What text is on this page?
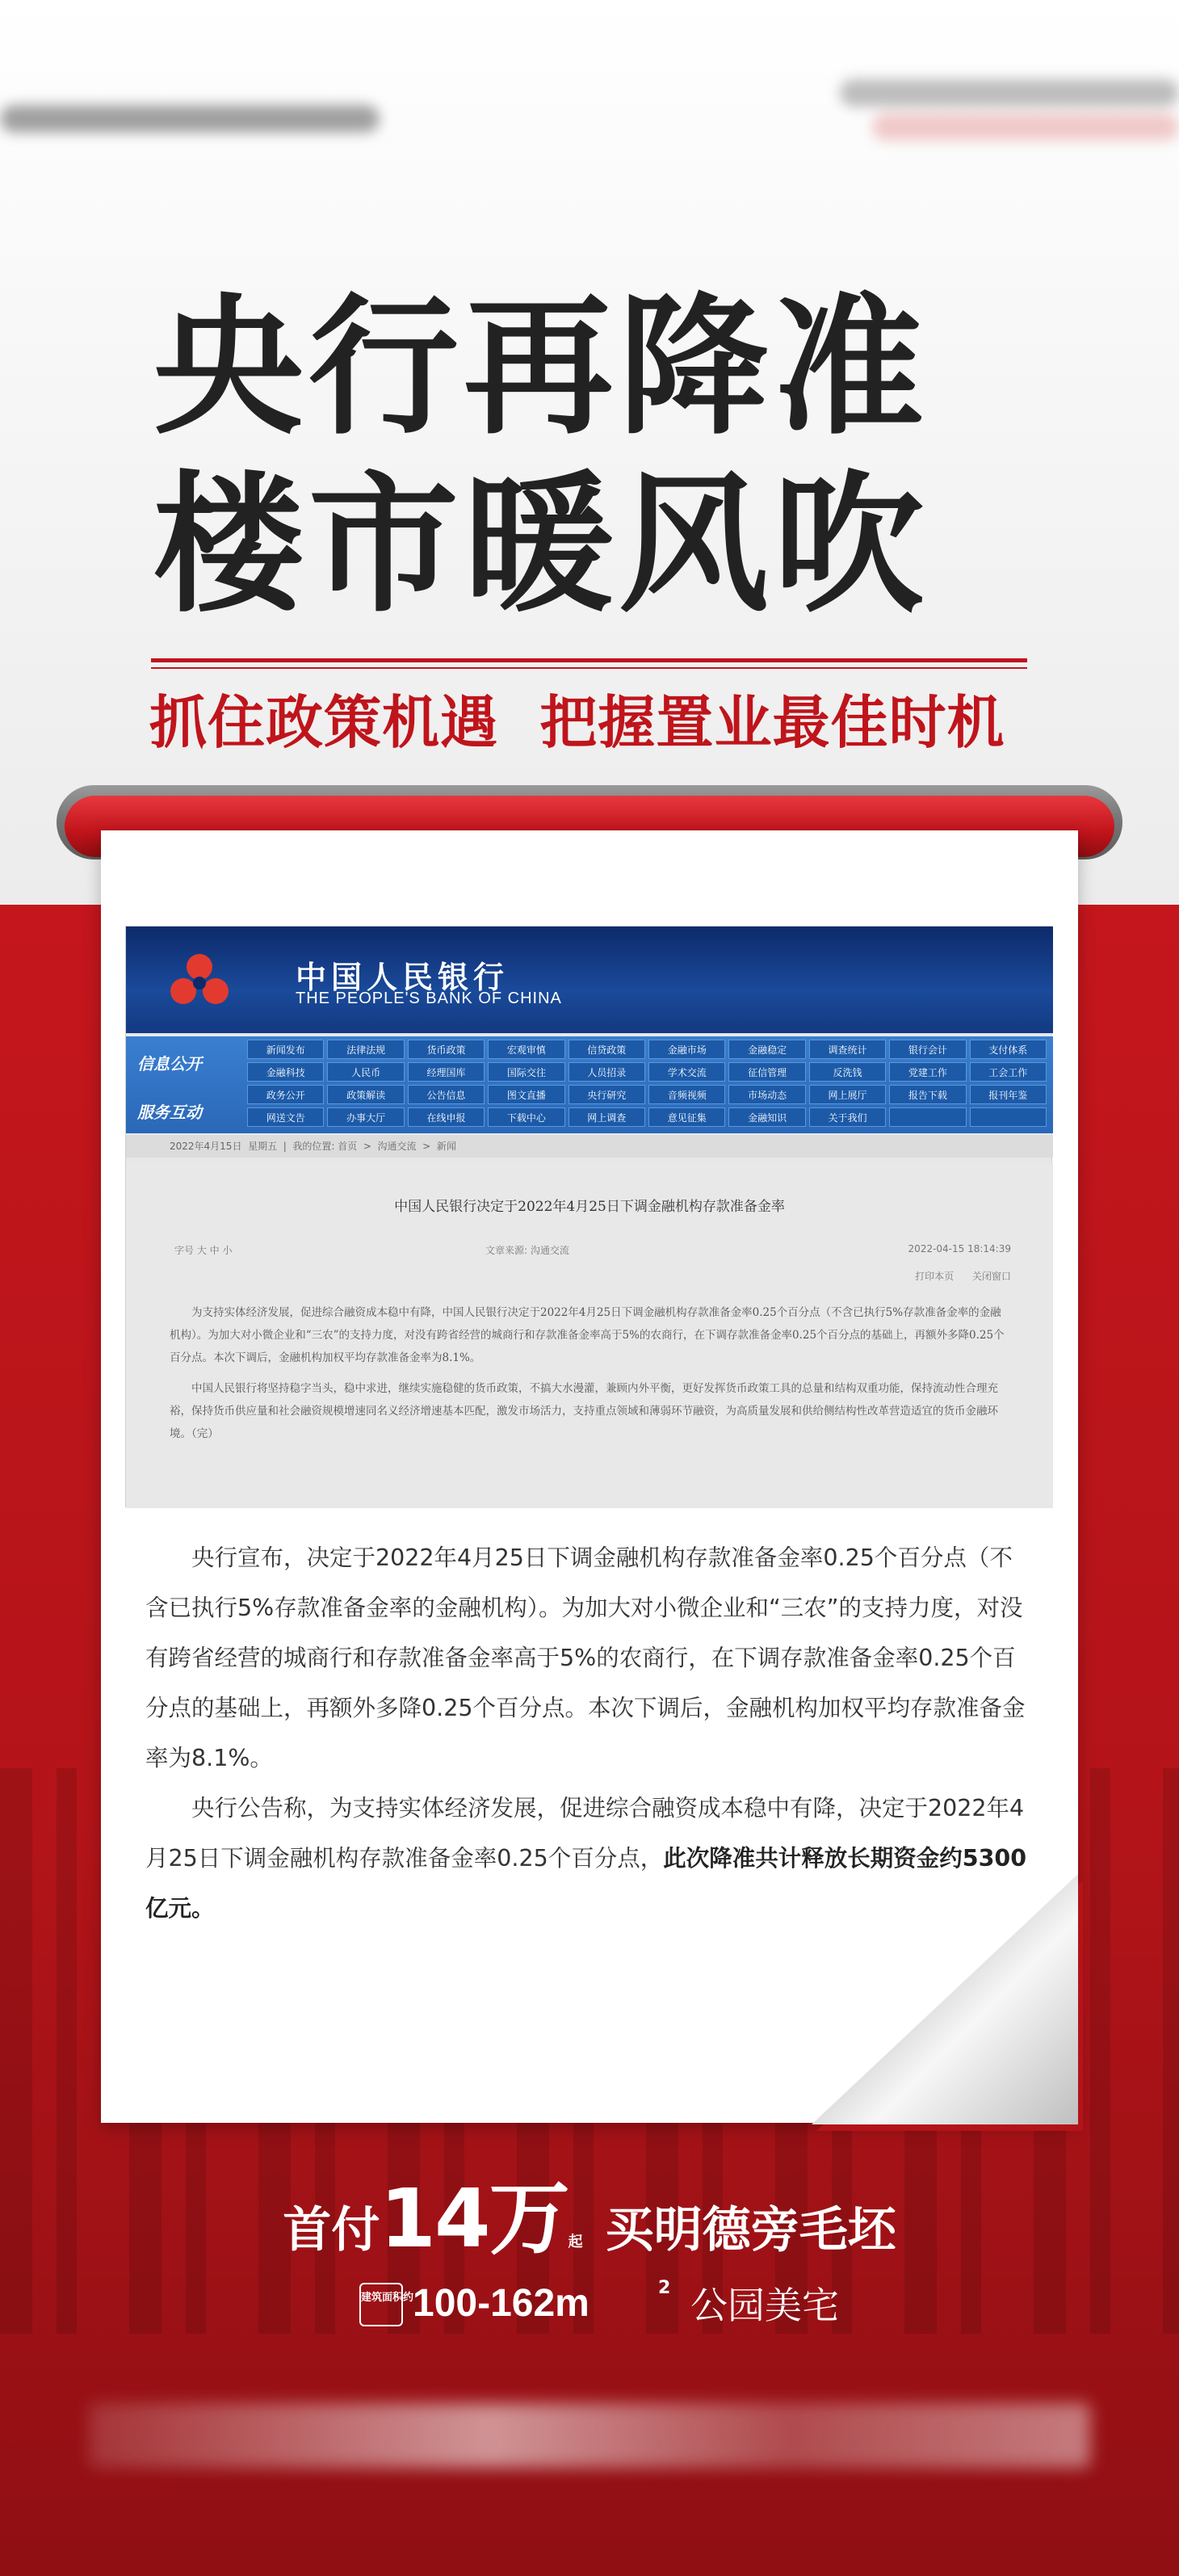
央行再降准
楼市暖风吹
抓住政策机遇  把握置业最佳时机
中国人民银行
THE PEOPLE'S BANK OF CHINA
信息公开
服务互动
新闻发布	法律法规	货币政策	宏观审慎	信贷政策	金融市场	金融稳定	调查统计	银行会计	支付体系
金融科技	人民币	经理国库	国际交往	人员招录	学术交流	征信管理	反洗钱	党建工作	工会工作
政务公开	政策解读	公告信息	图文直播	央行研究	音频视频	市场动态	网上展厅	报告下载	报刊年鉴
网送文告	办事大厅	在线申报	下载中心	网上调查	意见征集	金融知识	关于我们
2022年4月15日  星期五  |  我的位置: 首页  >  沟通交流  >  新闻
中国人民银行决定于2022年4月25日下调金融机构存款准备金率
字号 大 中 小	文章来源: 沟通交流	2022-04-15 18:14:39
打印本页      关闭窗口

为支持实体经济发展，促进综合融资成本稳中有降，中国人民银行决定于2022年4月25日下调金融机构存款准备金率0.25个百分点（不含已执行5%存款准备金率的金融机构）。为加大对小微企业和“三农”的支持力度，对没有跨省经营的城商行和存款准备金率高于5%的农商行，在下调存款准备金率0.25个百分点的基础上，再额外多降0.25个百分点。本次下调后，金融机构加权平均存款准备金率为8.1%。

中国人民银行将坚持稳字当头，稳中求进，继续实施稳健的货币政策，不搞大水漫灌，兼顾内外平衡，更好发挥货币政策工具的总量和结构双重功能，保持流动性合理充裕，保持货币供应量和社会融资规模增速同名义经济增速基本匹配，激发市场活力，支持重点领域和薄弱环节融资，为高质量发展和供给侧结构性改革营造适宜的货币金融环境。（完）

央行宣布，决定于2022年4月25日下调金融机构存款准备金率0.25个百分点（不含已执行5%存款准备金率的金融机构）。为加大对小微企业和“三农”的支持力度，对没有跨省经营的城商行和存款准备金率高于5%的农商行，在下调存款准备金率0.25个百分点的基础上，再额外多降0.25个百分点。本次下调后，金融机构加权平均存款准备金率为8.1%。

央行公告称，为支持实体经济发展，促进综合融资成本稳中有降，决定于2022年4月25日下调金融机构存款准备金率0.25个百分点，此次降准共计释放长期资金约5300亿元。

首付14万起 买明德旁毛坯
建筑面积约
100-162m	2 公园美宅
